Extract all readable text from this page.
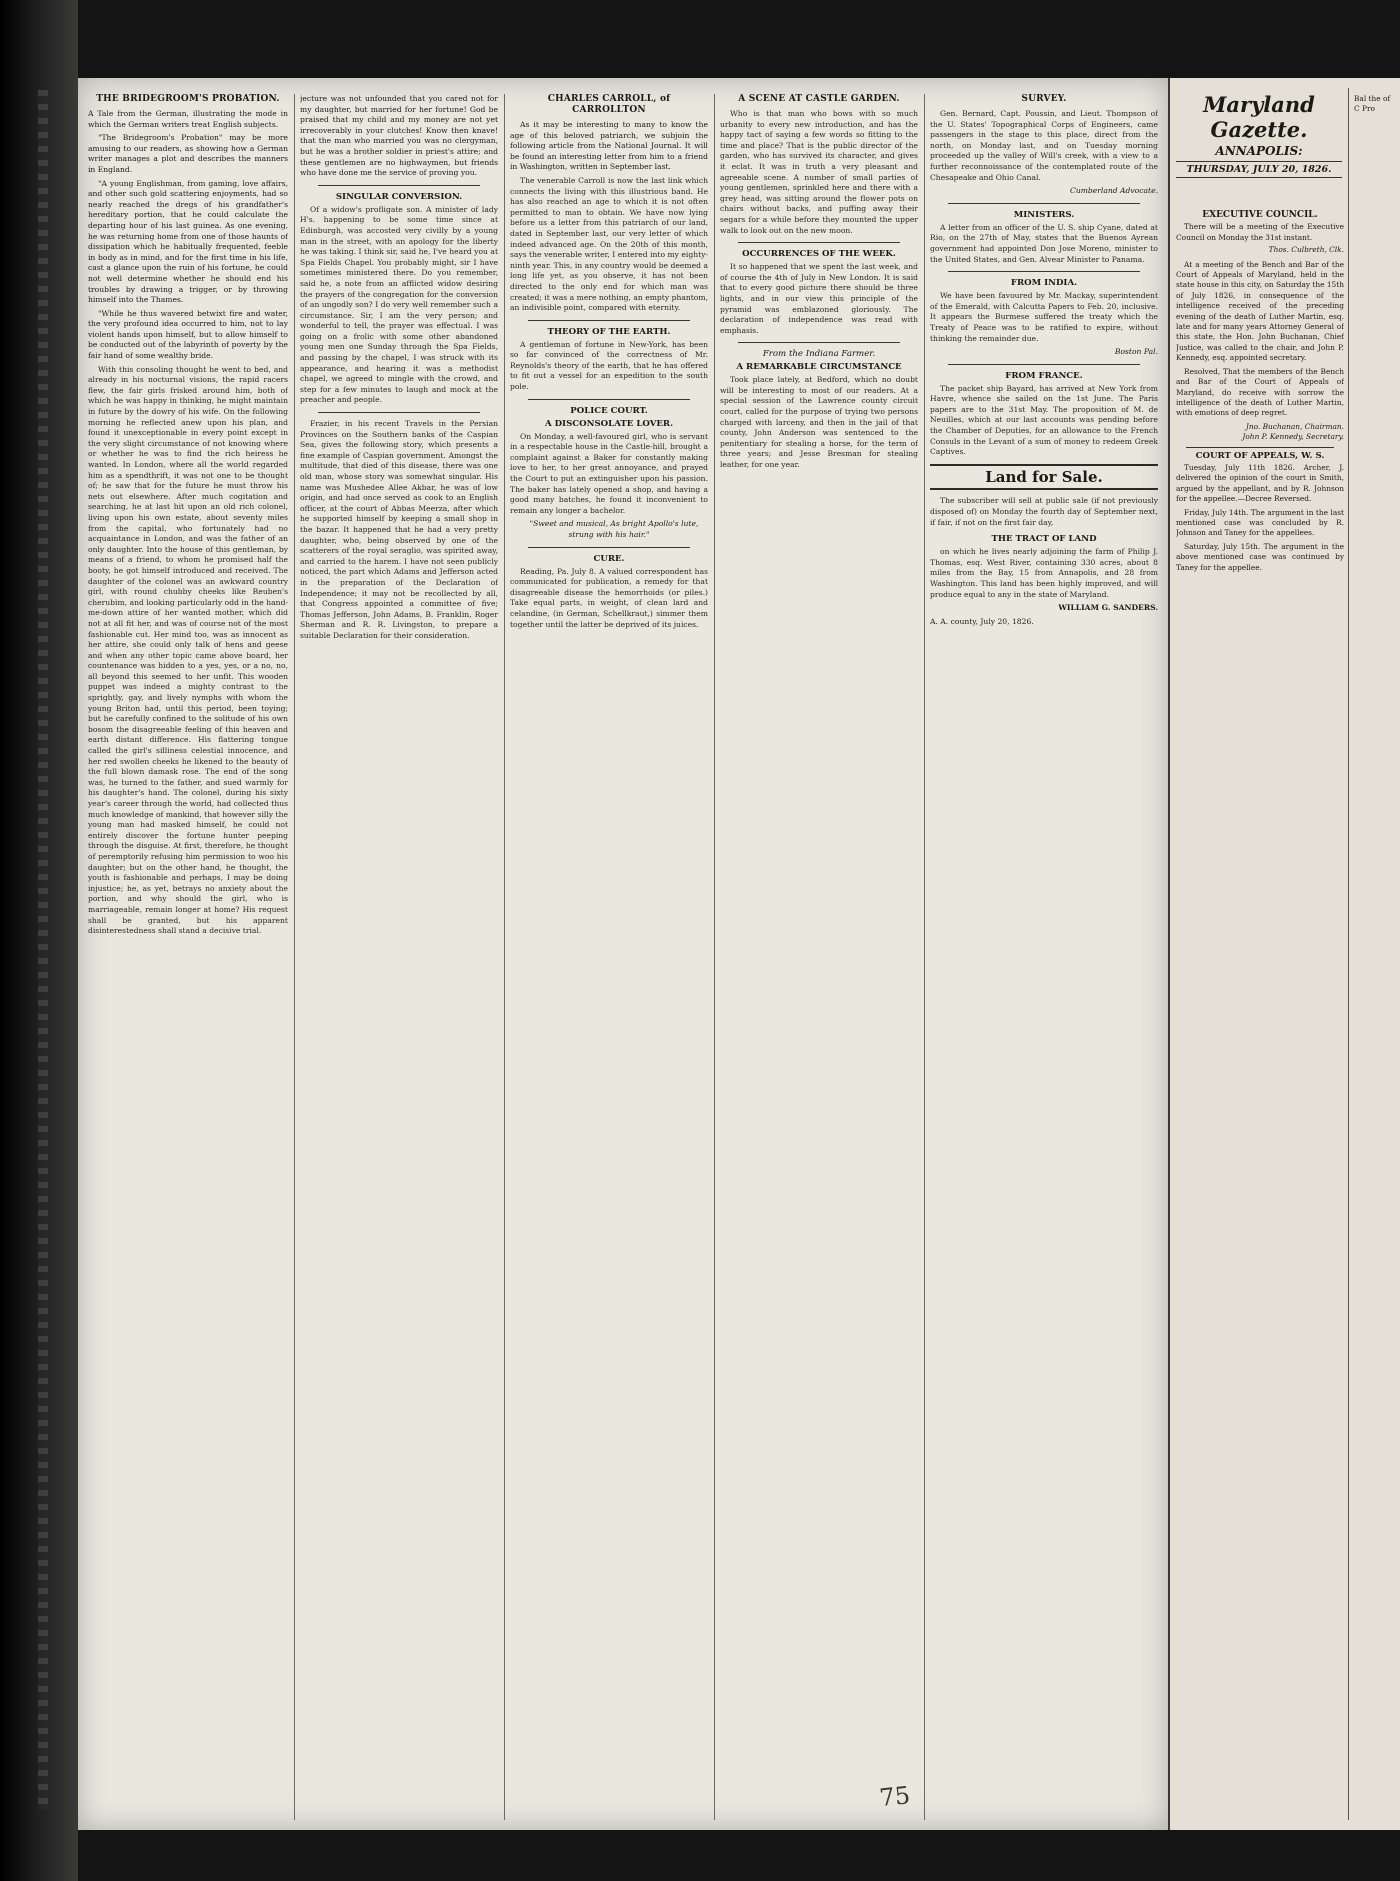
THE BRIDEGROOM'S PROBATION.

A Tale from the German, illustrating the mode in which the German writers treat English subjects.

"The Bridegroom's Probation" may be more amusing to our readers, as showing how a German writer manages a plot and describes the manners in England.

"A young Englishman, from gaming, love affairs, and other such gold scattering enjoyments, had so nearly reached the dregs of his grandfather's hereditary portion, that he could calculate the departing hour of his last guinea. As one evening, he was returning home from one of those haunts of dissipation which he habitually frequented, feeble in body as in mind, and for the first time in his life, cast a glance upon the ruin of his fortune, he could not well determine whether he should end his troubles by drawing a trigger, or by throwing himself into the Thames.

"While he thus wavered betwixt fire and water, the very profound idea occurred to him, not to lay violent hands upon himself, but to allow himself to be conducted out of the labyrinth of poverty by the fair hand of some wealthy bride.

With this consoling thought he went to bed, and already in his nocturnal visions, the rapid racers flew, the fair girls frisked around him, both of which he was happy in thinking, he might maintain in future by the dowry of his wife. On the following morning he reflected anew upon his plan, and found it unexceptionable in every point except in the very slight circumstance of not knowing where or whether he was to find the rich heiress he wanted. In London, where all the world regarded him as a spendthrift, it was not one to be thought of; he saw that for the future he must throw his nets out elsewhere. After much cogitation and searching, he at last hit upon an old rich colonel, living upon his own estate, about seventy miles from the capital, who fortunately had no acquaintance in London, and was the father of an only daughter. Into the house of this gentleman, by means of a friend, to whom he promised half the booty, he got himself introduced and received. The daughter of the colonel was an awkward country girl, with round chubby cheeks like Reuben's cherubim, and looking particularly odd in the hand-me-down attire of her wanted mother, which did not at all fit her, and was of course not of the most fashionable cut. Her mind too, was as innocent as her attire, she could only talk of hens and geese and when any other topic came above board, her countenance was hidden to a yes, yes, or a no, no, all beyond this seemed to her unfit. This wooden puppet was indeed a mighty contrast to the sprightly, gay, and lively nymphs with whom the young Briton had, until this period, been toying; but he carefully confined to the solitude of his own bosom the disagreeable feeling of this heaven and earth distant difference. His flattering tongue called the girl's silliness celestial innocence, and her red swollen cheeks he likened to the beauty of the full blown damask rose. The end of the song was, he turned to the father, and sued warmly for his daughter's hand. The colonel, during his sixty year's career through the world, had collected thus much knowledge of mankind, that however silly the young man had masked himself, he could not entirely discover the fortune hunter peeping through the disguise. At first, therefore, he thought of peremptorily refusing him permission to woo his daughter; but on the other hand, he thought, the youth is fashionable and perhaps, I may be doing injustice; he, as yet, betrays no anxiety about the portion, and why should the girl, who is marriageable, remain longer at home? His request shall be granted, but his apparent disinterestedness shall stand a decisive trial.

jecture was not unfounded that you cared not for my daughter, but married for her fortune! God be praised that my child and my money are not yet irrecoverably in your clutches! Know then knave! that the man who married you was no clergyman, but he was a brother soldier in priest's attire; and these gentlemen are no highwaymen, but friends who have done me the service of proving you.

SINGULAR CONVERSION.

Of a widow's profligate son. A minister of lady H's. happening to be some time since at Edinburgh, was accosted very civilly by a young man in the street, with an apology for the liberty he was taking. I think sir, said he, I've heard you at Spa Fields Chapel. You probably might, sir I have sometimes ministered there. Do you remember, said he, a note from an afflicted widow desiring the prayers of the congregation for the conversion of an ungodly son? I do very well remember such a circumstance. Sir, I am the very person; and wonderful to tell, the prayer was effectual. I was going on a frolic with some other abandoned young men one Sunday through the Spa Fields, and passing by the chapel, I was struck with its appearance, and hearing it was a methodist chapel, we agreed to mingle with the crowd, and step for a few minutes to laugh and mock at the preacher and people.

Frazier, in his recent Travels in the Persian Provinces on the Southern banks of the Caspian Sea, gives the following story, which presents a fine example of Caspian government. Amongst the multitude, that died of this disease, there was one old man, whose story was somewhat singular. His name was Mushedee Allee Akbar, he was of low origin, and had once served as cook to an English officer, at the court of Abbas Meerza, after which he supported himself by keeping a small shop in the bazar. It happened that he had a very pretty daughter, who, being observed by one of the scatterers of the royal seraglio, was spirited away, and carried to the harem. I have not seen publicly noticed, the part which Adams and Jefferson acted in the preparation of the Declaration of Independence; it may not be recollected by all, that Congress appointed a committee of five; Thomas Jefferson, John Adams, B. Franklin, Roger Sherman and R. R. Livingston, to prepare a suitable Declaration for their consideration.

CHARLES CARROLL, of CARROLLTON

As it may be interesting to many to know the age of this beloved patriarch, we subjoin the following article from the National Journal. It will be found an interesting letter from him to a friend in Washington, written in September last.

The venerable Carroll is now the last link which connects the living with this illustrious band. He has also reached an age to which it is not often permitted to man to obtain. We have now lying before us a letter from this patriarch of our land, dated in September last, our very letter of which indeed advanced age. On the 20th of this month, says the venerable writer, I entered into my eighty-ninth year. This, in any country would be deemed a long life yet, as you observe, it has not been directed to the only end for which man was created; it was a mere nothing, an empty phantom, an indivisible point, compared with eternity.

THEORY OF THE EARTH.

A gentleman of fortune in New-York, has been so far convinced of the correctness of Mr. Reynolds's theory of the earth, that he has offered to fit out a vessel for an expedition to the south pole.

POLICE COURT.
A DISCONSOLATE LOVER.

On Monday, a well-favoured girl, who is servant in a respectable house in the Castle-hill, brought a complaint against a Baker for constantly making love to her, to her great annoyance, and prayed the Court to put an extinguisher upon his passion. The baker has lately opened a shop, and having a good many batches, he found it inconvenient to remain any longer a bachelor.

"Sweet and musical, As bright Apollo's lute, strung with his hair."

CURE.

Reading, Pa. July 8. A valued correspondent has communicated for publication, a remedy for that disagreeable disease the hemorrhoids (or piles.) Take equal parts, in weight, of clean lard and celandine, (in German, Schellkraut,) simmer them together until the latter be deprived of its juices.

A SCENE AT CASTLE GARDEN.

Who is that man who bows with so much urbanity to every new introduction, and has the happy tact of saying a few words so fitting to the time and place? That is the public director of the garden, who has survived its character, and gives it eclat. It was in truth a very pleasant and agreeable scene. A number of small parties of young gentlemen, sprinkled here and there with a grey head, was sitting around the flower pots on chairs without backs, and puffing away their segars for a while before they mounted the upper walk to look out on the new moon.

OCCURRENCES OF THE WEEK.

It so happened that we spent the last week, and of course the 4th of July in New London. It is said that to every good picture there should be three lights, and in our view this principle of the pyramid was emblazoned gloriously. The declaration of independence was read with emphasis.

From the Indiana Farmer.
A REMARKABLE CIRCUMSTANCE

Took place lately, at Bedford, which no doubt will be interesting to most of our readers. At a special session of the Lawrence county circuit court, called for the purpose of trying two persons charged with larceny, and then in the jail of that county, John Anderson was sentenced to the penitentiary for stealing a horse, for the term of three years; and Jesse Bresman for stealing leather, for one year.

SURVEY.

Gen. Bernard, Capt. Poussin, and Lieut. Thompson of the U. States' Topographical Corps of Engineers, came passengers in the stage to this place, direct from the north, on Monday last, and on Tuesday morning proceeded up the valley of Will's creek, with a view to a further reconnoissance of the contemplated route of the Chesapeake and Ohio Canal.

Cumberland Advocate.

MINISTERS.

A letter from an officer of the U. S. ship Cyane, dated at Rio, on the 27th of May, states that the Buenos Ayrean government had appointed Don Jose Moreno, minister to the United States, and Gen. Alvear Minister to Panama.

FROM INDIA.

We have been favoured by Mr. Mackay, superintendent of the Emerald, with Calcutta Papers to Feb. 20, inclusive. It appears the Burmese suffered the treaty which the Treaty of Peace was to be ratified to expire, without thinking the remainder due.

Boston Pal.

FROM FRANCE.

The packet ship Bayard, has arrived at New York from Havre, whence she sailed on the 1st June. The Paris papers are to the 31st May. The proposition of M. de Neuilles, which at our last accounts was pending before the Chamber of Deputies, for an allowance to the French Consuls in the Levant of a sum of money to redeem Greek Captives.

Land for Sale.

The subscriber will sell at public sale (if not previously disposed of) on Monday the fourth day of September next, if fair, if not on the first fair day,

THE TRACT OF LAND

on which he lives nearly adjoining the farm of Philip J. Thomas, esq. West River, containing 330 acres, about 8 miles from the Bay, 15 from Annapolis, and 28 from Washington. This land has been highly improved, and will produce equal to any in the state of Maryland.

WILLIAM G. SANDERS.

A. A. county, July 20, 1826.

Maryland Gazette.
ANNAPOLIS:
THURSDAY, JULY 20, 1826.
EXECUTIVE COUNCIL.

There will be a meeting of the Executive Council on Monday the 31st instant.

Thos. Culbreth, Clk.

At a meeting of the Bench and Bar of the Court of Appeals of Maryland, held in the state house in this city, on Saturday the 15th of July 1826, in consequence of the intelligence received of the preceding evening of the death of Luther Martin, esq. late and for many years Attorney General of this state, the Hon. John Buchanan, Chief Justice, was called to the chair, and John P. Kennedy, esq. appointed secretary.

Resolved, That the members of the Bench and Bar of the Court of Appeals of Maryland, do receive with sorrow the intelligence of the death of Luther Martin, with emotions of deep regret.

Jno. Buchanan, Chairman.

John P. Kennedy, Secretary.

COURT OF APPEALS, W. S.

Tuesday, July 11th 1826. Archer, J. delivered the opinion of the court in Smith, argued by the appellant, and by R. Johnson for the appellee.—Decree Reversed.

Friday, July 14th. The argument in the last mentioned case was concluded by R. Johnson and Taney for the appellees.

Saturday, July 15th. The argument in the above mentioned case was continued by Taney for the appellee.

Bal the of C Pro
75
